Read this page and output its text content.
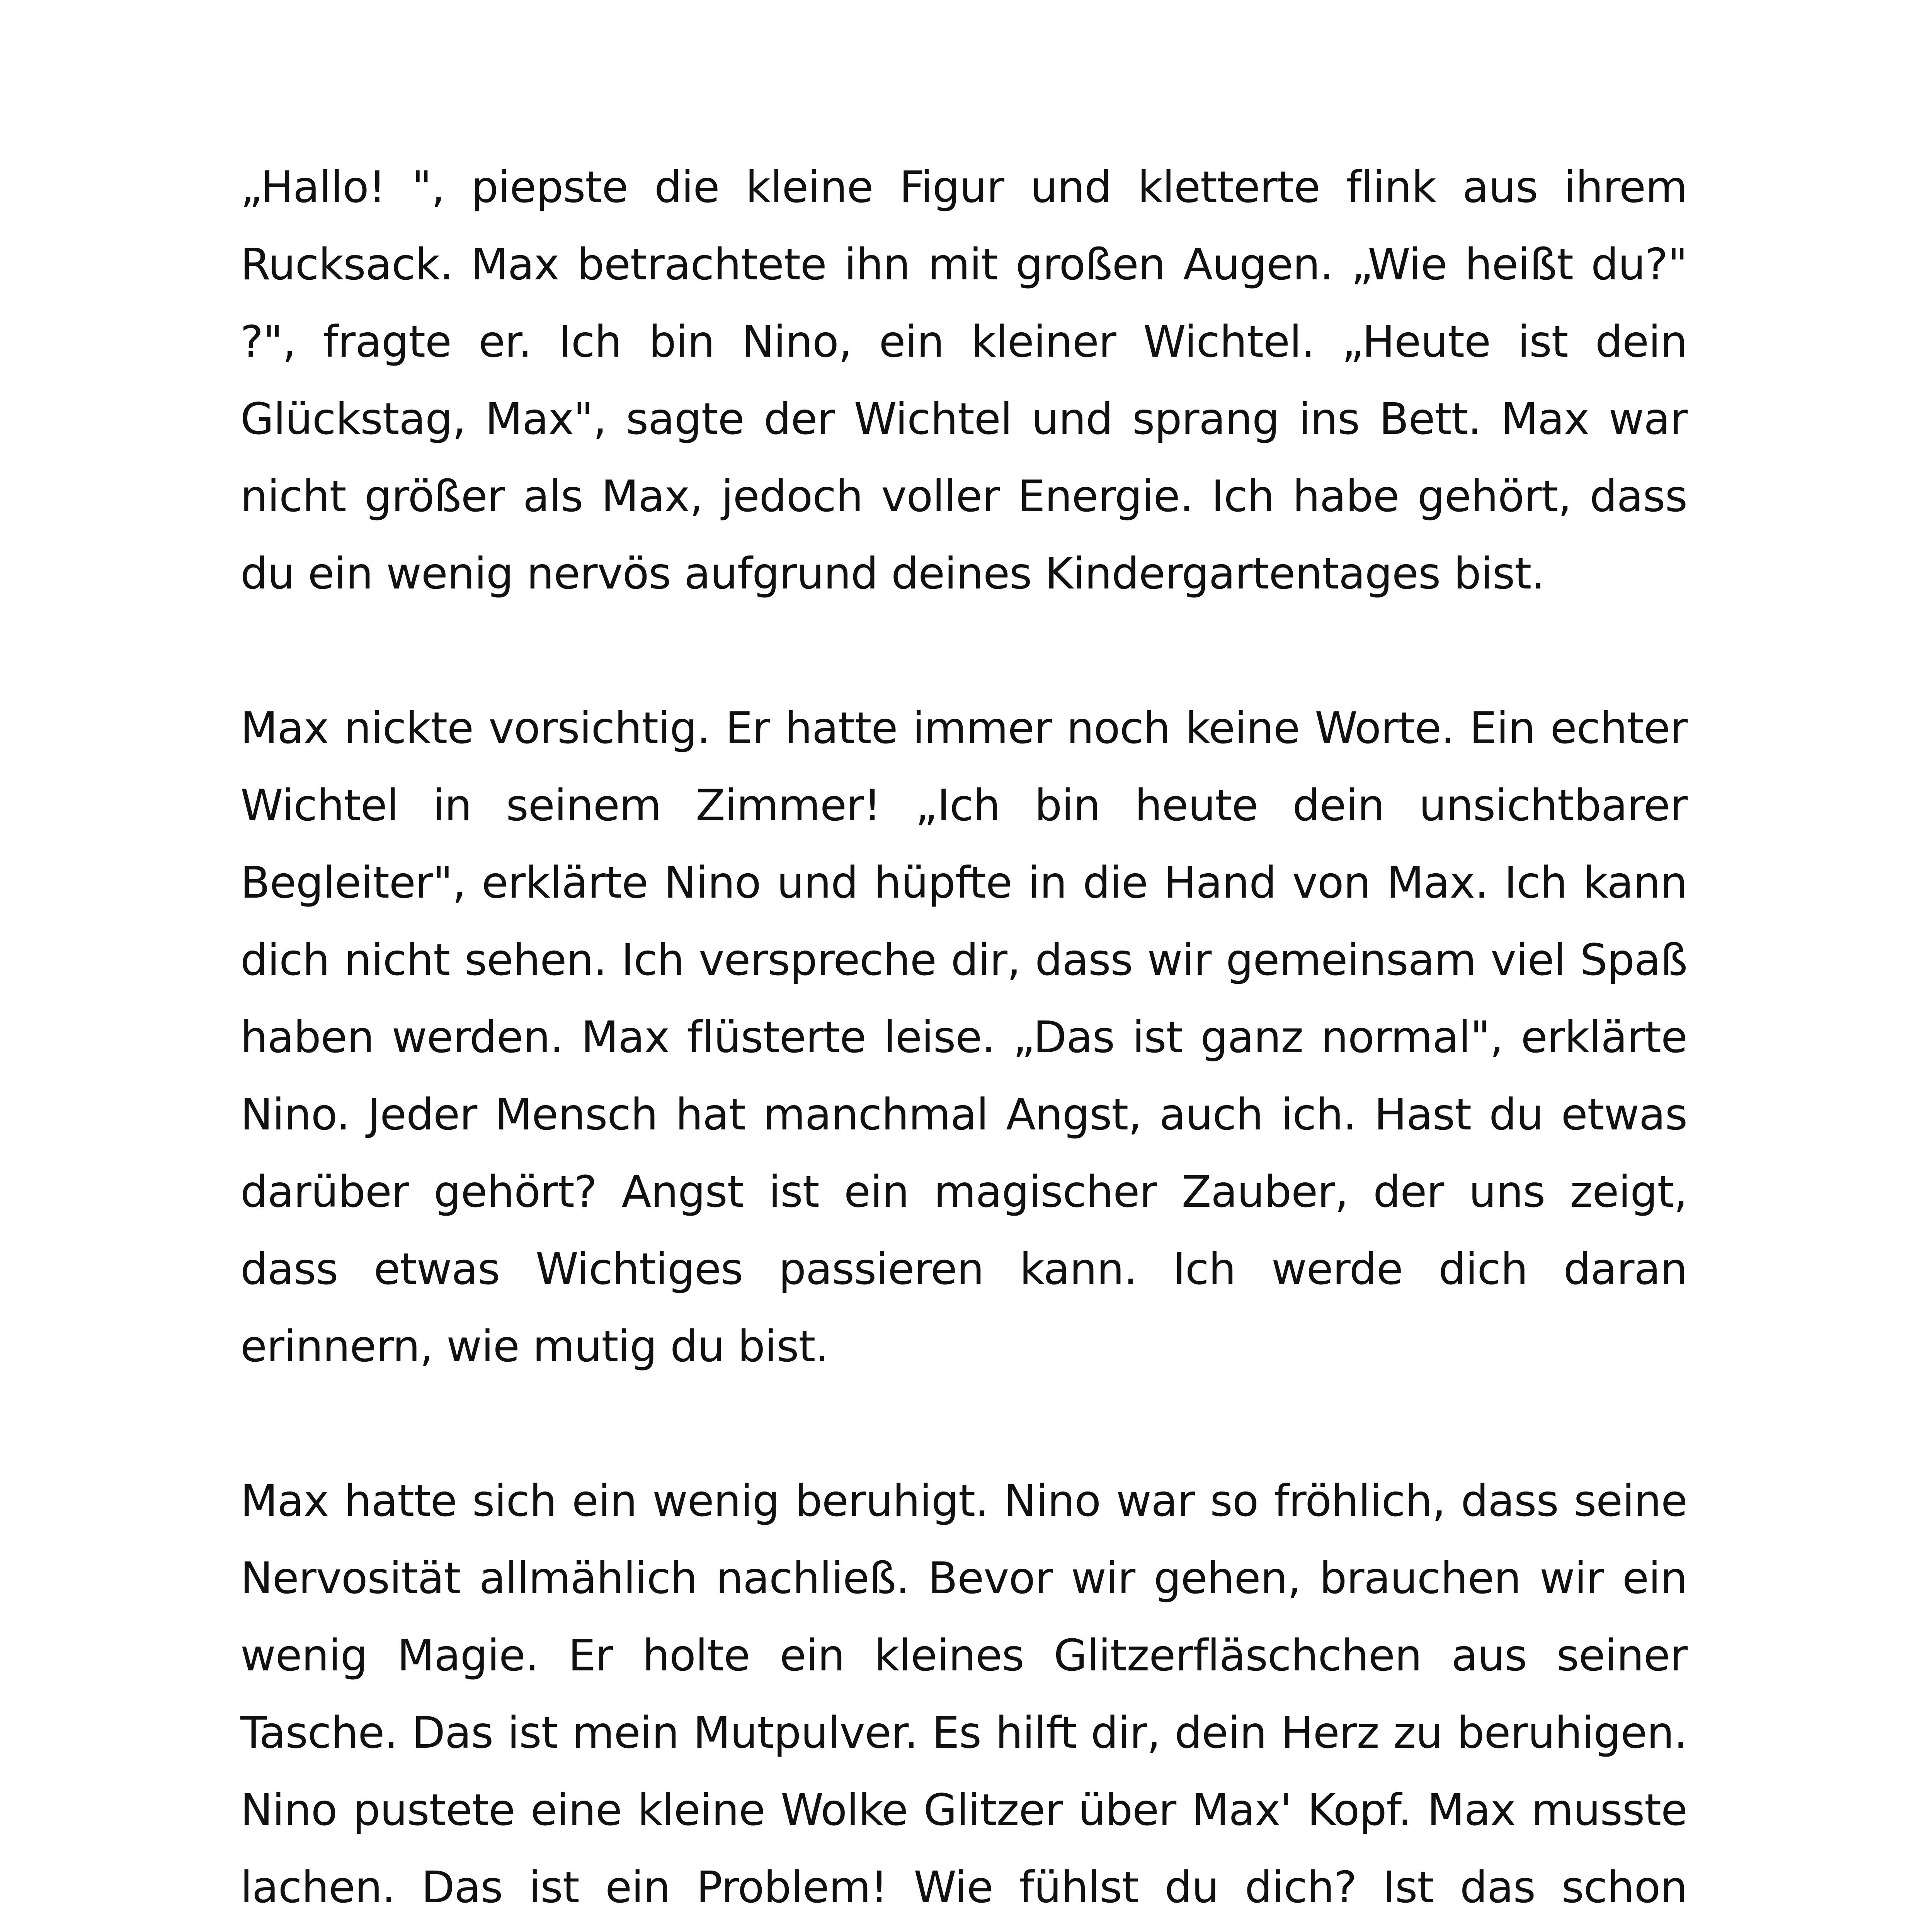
„Hallo! ", piepste die kleine Figur und kletterte flink aus ihrem Rucksack. Max betrachtete ihn mit großen Augen. „Wie heißt du?" ?", fragte er. Ich bin Nino, ein kleiner Wichtel. „Heute ist dein Glückstag, Max", sagte der Wichtel und sprang ins Bett. Max war nicht größer als Max, jedoch voller Energie. Ich habe gehört, dass du ein wenig nervös aufgrund deines Kindergartentages bist.

Max nickte vorsichtig. Er hatte immer noch keine Worte. Ein echter Wichtel in seinem Zimmer! „Ich bin heute dein unsichtbarer Begleiter", erklärte Nino und hüpfte in die Hand von Max. Ich kann dich nicht sehen. Ich verspreche dir, dass wir gemeinsam viel Spaß haben werden. Max flüsterte leise. „Das ist ganz normal", erklärte Nino. Jeder Mensch hat manchmal Angst, auch ich. Hast du etwas darüber gehört? Angst ist ein magischer Zauber, der uns zeigt, dass etwas Wichtiges passieren kann. Ich werde dich daran erinnern, wie mutig du bist.

Max hatte sich ein wenig beruhigt. Nino war so fröhlich, dass seine Nervosität allmählich nachließ. Bevor wir gehen, brauchen wir ein wenig Magie. Er holte ein kleines Glitzerfläschchen aus seiner Tasche. Das ist mein Mutpulver. Es hilft dir, dein Herz zu beruhigen. Nino pustete eine kleine Wolke Glitzer über Max' Kopf. Max musste lachen. Das ist ein Problem! Wie fühlst du dich? Ist das schon
